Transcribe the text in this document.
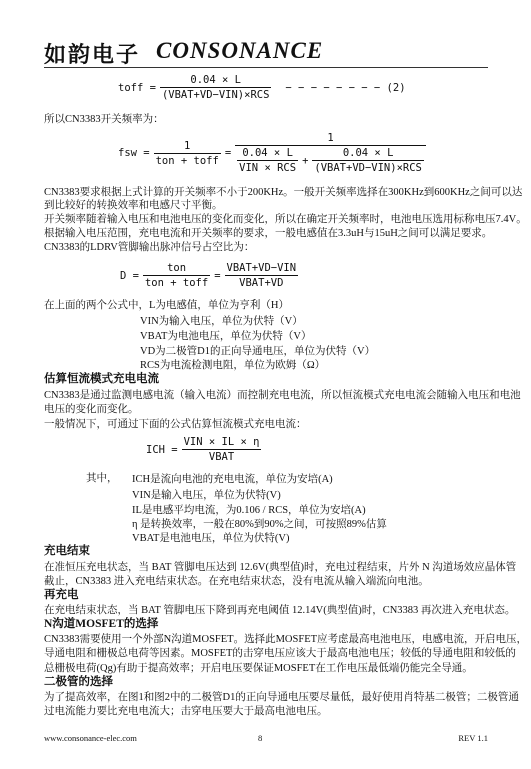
如韵电子 CONSONANCE
toff = $\frac{0.04 \times L}{\text{(VBAT+VD−VIN)×RCS}}$ − − − − − − − − (2)
所以CN3383开关频率为：
fsw = $\frac{1}{\text{ton + toff}}$ =
1
$\frac{0.04 \times L}{\text{VIN × RCS}} + \frac{0.04 \times L}{\text{(VBAT+VD−VIN)×RCS}}$
CN3383要求根据上式计算的开关频率不小于200KHz。一般开关频率选择在300KHz到600KHz之间可以达
到比较好的转换效率和电感尺寸平衡。
开关频率随着输入电压和电池电压的变化而变化，所以在确定开关频率时，电池电压选用标称电压7.4V。
根据输入电压范围，充电电流和开关频率的要求，一般电感值在3.3uH与15uH之间可以满足要求。
CN3383的LDRV管脚输出脉冲信号占空比为：
$D = \frac{\text{ton}}{\text{ton + toff}} = \frac{\text{VBAT+VD−VIN}}{\text{VBAT+VD}}$
在上面的两个公式中，L为电感值，单位为亨利（H）
VIN为输入电压，单位为伏特（V）
VBAT为电池电压，单位为伏特（V）
VD为二极管D1的正向导通电压，单位为伏特（V）
RCS为电流检测电阻，单位为欧姆（Ω）
估算恒流模式充电电流
CN3383是通过监测电感电流（输入电流）而控制充电电流，所以恒流模式充电电流会随输入电压和电池
电压的变化而变化。
一般情况下，可通过下面的公式估算恒流模式充电电流：
ICH = $\frac{\text{VIN × IL × η}}{\text{VBAT}}$
其中， ICH是流向电池的充电电流，单位为安培(A)
VIN是输入电压，单位为伏特(V)
IL是电感平均电流，为0.106 / RCS，单位为安培(A)
η 是转换效率，一般在80%到90%之间，可按照89%估算
VBAT是电池电压，单位为伏特(V)
充电结束
在准恒压充电状态，当 BAT 管脚电压达到 12.6V(典型值)时，充电过程结束，片外 N 沟道场效应晶体管
截止，CN3383 进入充电结束状态。在充电结束状态，没有电流从输入端流向电池。
再充电
在充电结束状态，当 BAT 管脚电压下降到再充电阈值 12.14V(典型值)时，CN3383 再次进入充电状态。
N沟道MOSFET的选择
CN3383需要使用一个外部N沟道MOSFET。选择此MOSFET应考虑最高电池电压，电感电流，开启电压，
导通电阻和栅极总电荷等因素。MOSFET的击穿电压应该大于最高电池电压；较低的导通电阻和较低的
总栅极电荷(Qg)有助于提高效率；开启电压要保证MOSFET在工作电压最低端仍能完全导通。
二极管的选择
为了提高效率，在图1和图2中的二极管D1的正向导通电压要尽量低，最好使用肖特基二极管；二极管通
过电流能力要比充电电流大；击穿电压要大于最高电池电压。
www.consonance-elec.com	8	REV 1.1
